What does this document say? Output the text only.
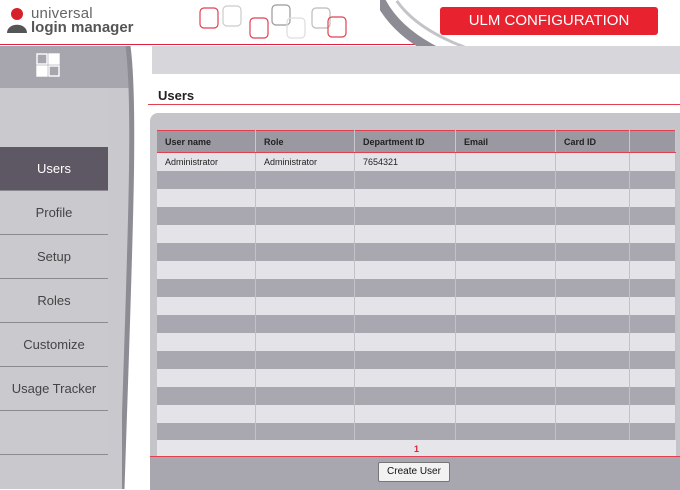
universal
login manager	ULM CONFIGURATION
Users
Profile
Setup
Roles
Customize
Usage Tracker
Users
User name	Role	Department ID	Email	Card ID	
Administrator	Administrator	7654321			

1
Create User
